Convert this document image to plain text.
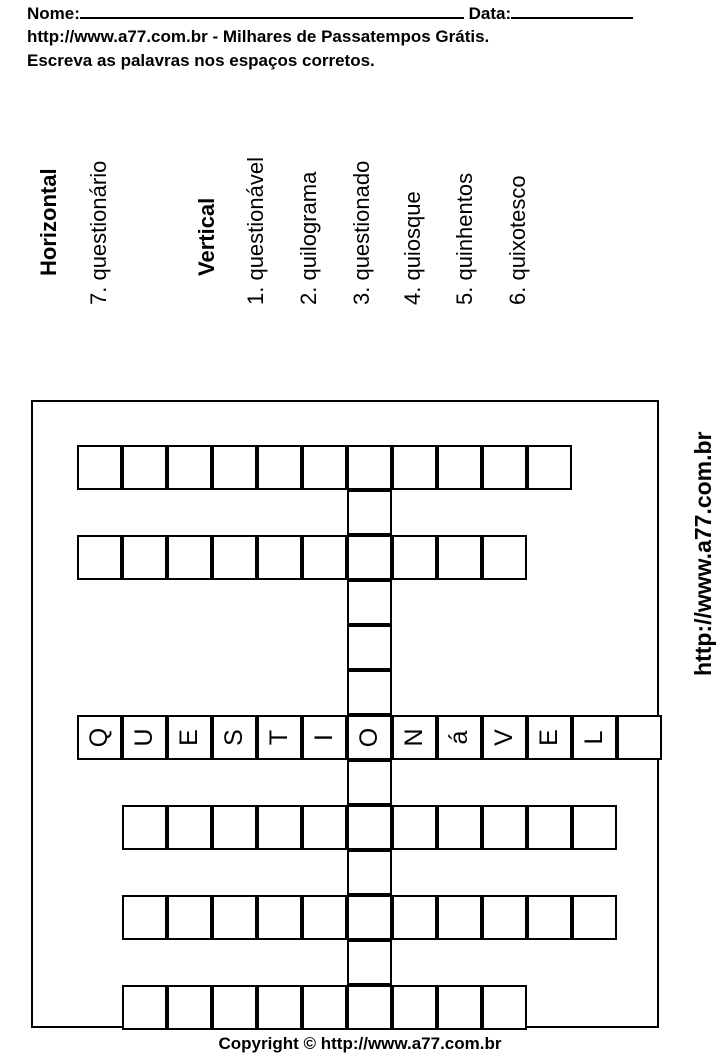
Nome:	Data:
http://www.a77.com.br - Milhares de Passatempos Grátis.
Escreva as palavras nos espaços corretos.
Horizontal 7. questionário	Vertical 1. questionável 2. quilograma 3. questionado 4. quiosque 5. quinhentos 6. quixotesco
Q U E S T I O N á V E L
http://www.a77.com.br
Copyright © http://www.a77.com.br
